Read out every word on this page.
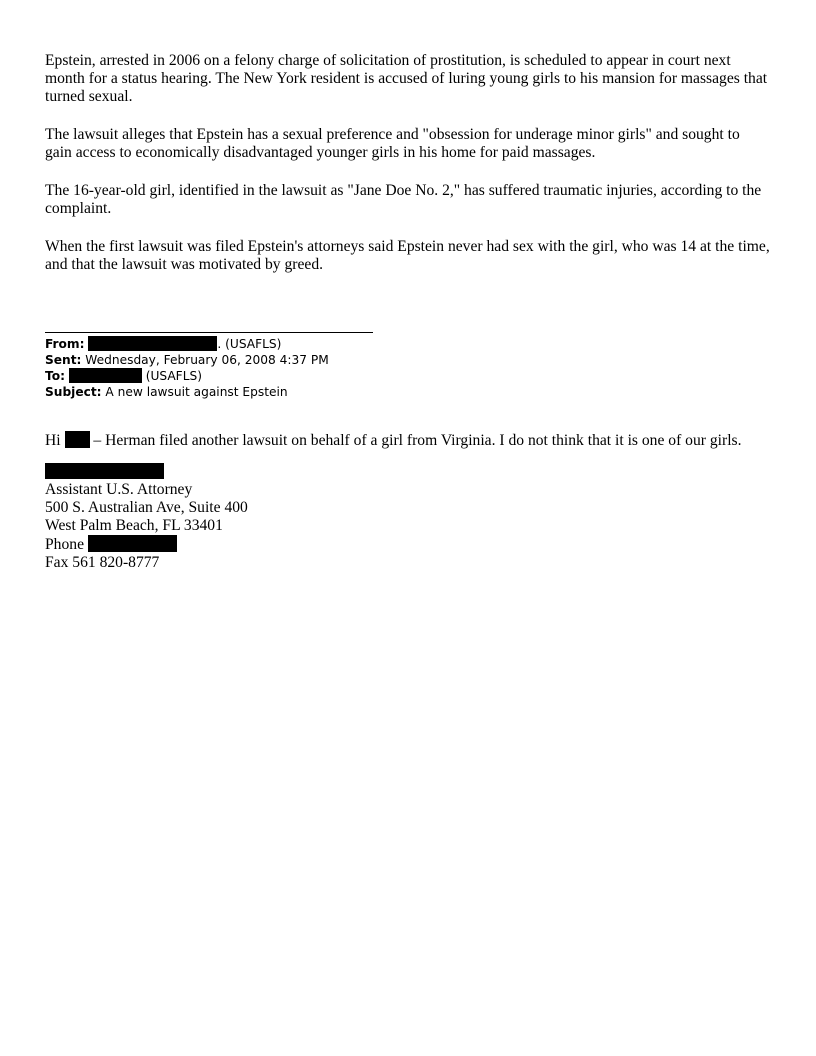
Epstein, arrested in 2006 on a felony charge of solicitation of prostitution, is scheduled to appear in court next month for a status hearing. The New York resident is accused of luring young girls to his mansion for massages that turned sexual.

The lawsuit alleges that Epstein has a sexual preference and "obsession for underage minor girls" and sought to gain access to economically disadvantaged younger girls in his home for paid massages.

The 16-year-old girl, identified in the lawsuit as "Jane Doe No. 2," has suffered traumatic injuries, according to the complaint.

When the first lawsuit was filed Epstein's attorneys said Epstein never had sex with the girl, who was 14 at the time, and that the lawsuit was motivated by greed.

From:	. (USAFLS)

Sent: Wednesday, February 06, 2008 4:37 PM

To:	(USAFLS)

Subject: A new lawsuit against Epstein

Hi  – Herman filed another lawsuit on behalf of a girl from Virginia. I do not think that it is one of our girls.

Assistant U.S. Attorney

500 S. Australian Ave, Suite 400

West Palm Beach, FL 33401

Phone

Fax 561 820-8777
